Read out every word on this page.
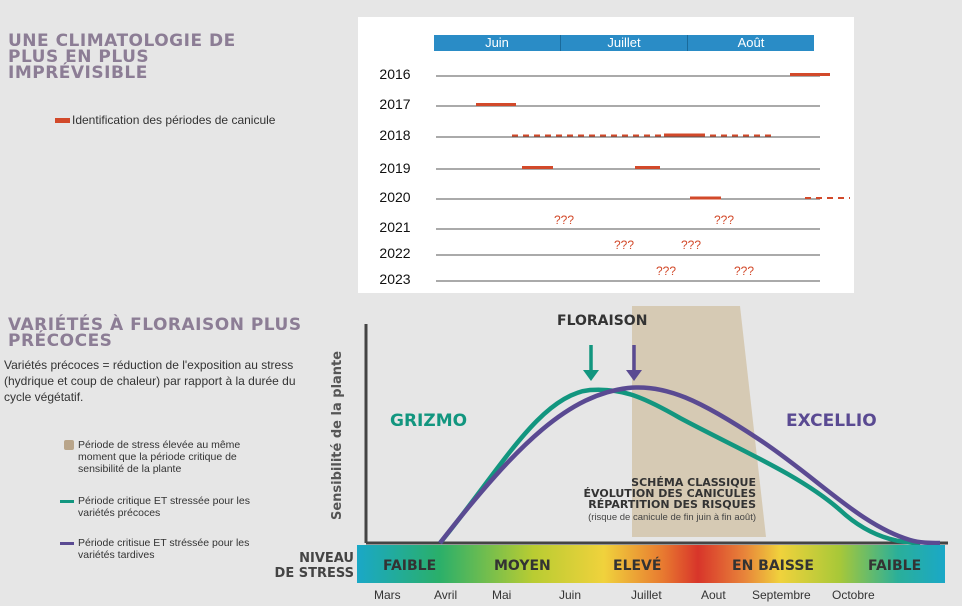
UNE CLIMATOLOGIE DE PLUS EN PLUS IMPRÉVISIBLE
Identification des périodes de canicule
VARIÉTÉS À FLORAISON PLUS PRÉCOCES
Variétés précoces = réduction de l'exposition au stress (hydrique et coup de chaleur) par rapport à la durée du cycle végétatif.
Période de stress élevée au même moment que la période critique de sensibilité de la plante
Période critique ET stressée pour les variétés précoces
Période critisue ET stréssée pour les variétés tardives
Juin	Juillet	Août
2016
2017
2018
2019
2020
2021
2022
2023
???	???
???	???
???	???
FLORAISON
Sensibilité de la plante	GRIZMO	EXCELLIO
SCHÉMA CLASSIQUE
ÉVOLUTION DES CANICULES
RÉPARTITION DES RISQUES
(risque de canicule de fin juin à fin août)
NIVEAU
DE STRESS FAIBLE	MOYEN	ELEVÉ	EN BAISSE	FAIBLE
Mars	Avril	Mai	Juin	Juillet	Aout Septembre Octobre
